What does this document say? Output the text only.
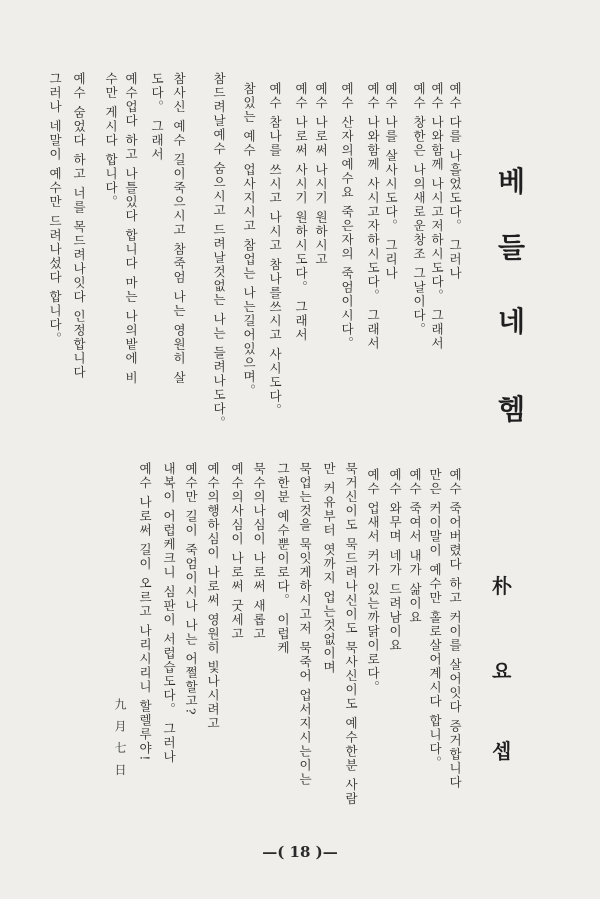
베
들
네
헴
예수 다를 나흘었도다。 그러나
예수 나와함께 나시고저하시도다。 그래서
예수 창한은 나의새로운창조 그날이다。
예수 나를 살사시도다。 그리나
예수 나와함께 사시고자하시도다。 그래서
예수 산자의예수요 죽은자의 죽엄이시다。
예수 나로써 나시기 원하시고
예수 나로써 사시기 원하시도다。 그래서
예수 참나를 쓰시고 나시고 참나를쓰시고 사시도다。
참있는 예수 업사지시고 참업는 나는길어있으며。
참드려날예수 숨으시고 드려날것없는 나는 들려나도다。
참사신 예수 길이죽으시고 참죽엄 나는 영원히 살
도다。 그래서
예수업다 하고 나틀있다 합니다 마는 나의밭에 비
수만 게시다 합니다。
예수 숨었다 하고 너를 목드려나잇다 인정합니다
그러나 네말이 예수만 드려나섰다 합니다。
朴
요
셉
예수 죽어버렸다 하고 커이를 살어잇다 증거합니다
만은 커이말이 예수만 홀로살어계시다 합니다。
예수 죽여서 내가 삶이요
예수 와무며 네가 드려남이요
예수 업새서 커가 있는까닭이로다。
묵거신이도 묵드려나신이도 묵사신이도 예수한분 사람
만 커유부터 엿까지 업는것없이며
묵업는것을 묵잇게하시고저 묵죽어 업서지시는이는
그한분 예수뿐이로다。 이럽케
묵수의나심이 나로써 새롭고
예수의사심이 나로써 굿세고
예수의행하심이 나로써 영원히 빛나시려고
예수만 길이 죽엄이시나 나는 어쩔할고?
내복이 어럽케크니 심판이 서럽습도다。 그러나
예수 나로써 길이 오르고 나리시리니 할렐루야!
九 月 七 日
—( 18 )—
